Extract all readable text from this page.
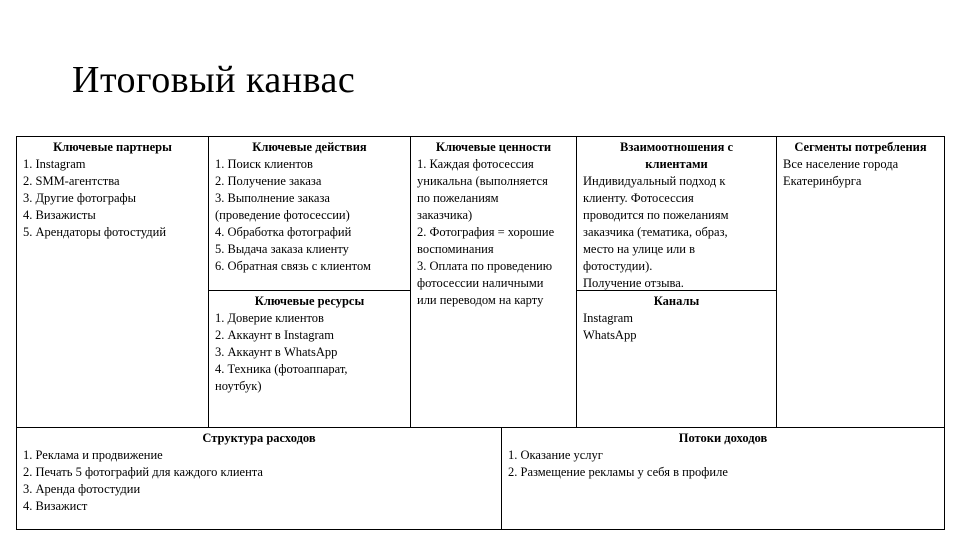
Итоговый канвас
Ключевые партнеры
1. Instagram
2. SMM-агентства
3. Другие фотографы
4. Визажисты
5. Арендаторы фотостудий
Ключевые действия
1. Поиск клиентов
2. Получение заказа
3. Выполнение заказа
(проведение фотосессии)
4. Обработка фотографий
5. Выдача заказа клиенту
6. Обратная связь с клиентом
Ключевые ресурсы
1. Доверие клиентов
2. Аккаунт в Instagram
3. Аккаунт в WhatsApp
4. Техника (фотоаппарат,
ноутбук)
Ключевые ценности
1. Каждая фотосессия
уникальна (выполняется
по пожеланиям
заказчика)
2. Фотография = хорошие
воспоминания
3. Оплата по проведению
фотосессии наличными
или переводом на карту
Взаимоотношения с
клиентами
Индивидуальный подход к
клиенту. Фотосессия
проводится по пожеланиям
заказчика (тематика, образ,
место на улице или в
фотостудии).
Получение отзыва.
Каналы
Instagram
WhatsApp
Сегменты потребления
Все население города
Екатеринбурга
Структура расходов
1. Реклама и продвижение
2. Печать 5 фотографий для каждого клиента
3. Аренда фотостудии
4. Визажист
Потоки доходов
1. Оказание услуг
2. Размещение рекламы у себя в профиле
